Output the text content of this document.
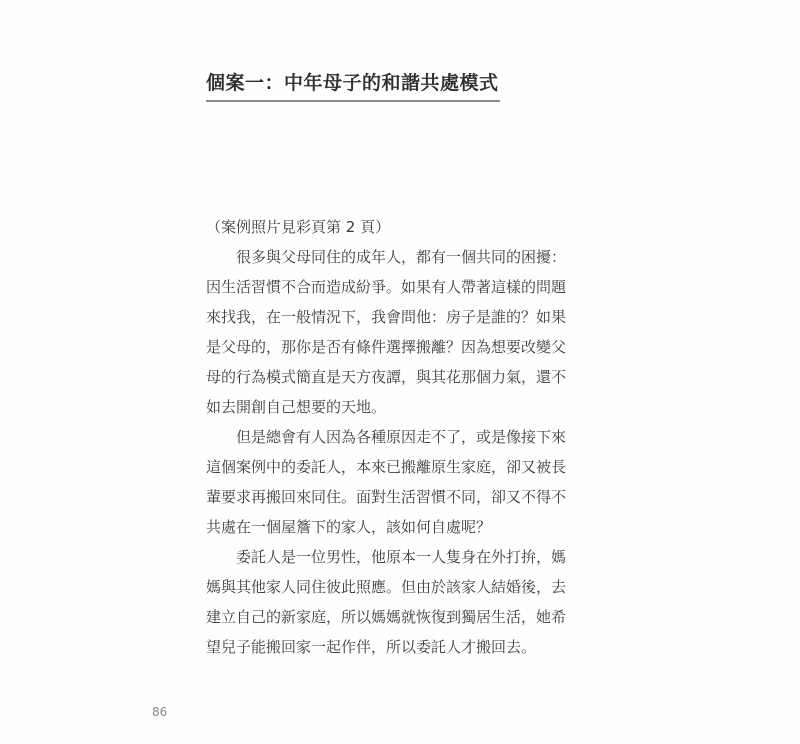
個案一：中年母子的和諧共處模式
（案例照片見彩頁第 2 頁）
很多與父母同住的成年人，都有一個共同的困擾：
因生活習慣不合而造成紛爭。如果有人帶著這樣的問題
來找我，在一般情況下，我會問他：房子是誰的？如果
是父母的，那你是否有條件選擇搬離？因為想要改變父
母的行為模式簡直是天方夜譚，與其花那個力氣，還不
如去開創自己想要的天地。
但是總會有人因為各種原因走不了，或是像接下來
這個案例中的委託人，本來已搬離原生家庭，卻又被長
輩要求再搬回來同住。面對生活習慣不同，卻又不得不
共處在一個屋簷下的家人，該如何自處呢？
委託人是一位男性，他原本一人隻身在外打拚，媽
媽與其他家人同住彼此照應。但由於該家人結婚後，去
建立自己的新家庭，所以媽媽就恢復到獨居生活，她希
望兒子能搬回家一起作伴，所以委託人才搬回去。
86
